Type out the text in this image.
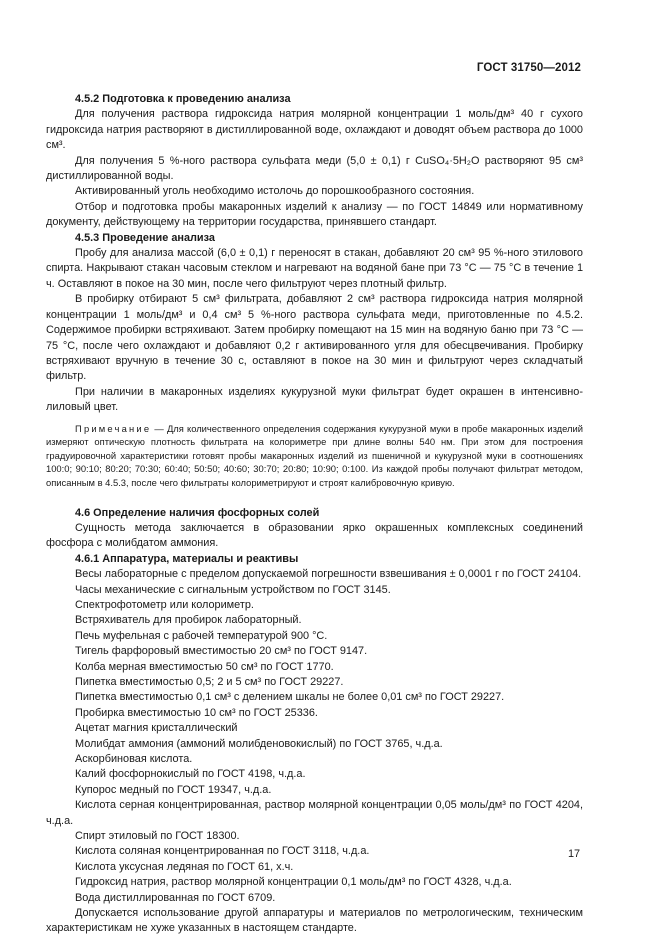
ГОСТ 31750—2012

4.5.2 Подготовка к проведению анализа

Для получения раствора гидроксида натрия молярной концентрации 1 моль/дм³ 40 г сухого гидроксида натрия растворяют в дистиллированной воде, охлаждают и доводят объем раствора до 1000 см³.

Для получения 5 %-ного раствора сульфата меди (5,0 ± 0,1) г CuSO₄·5H₂O растворяют 95 см³ дистиллированной воды.

Активированный уголь необходимо истолочь до порошкообразного состояния.

Отбор и подготовка пробы макаронных изделий к анализу — по ГОСТ 14849 или нормативному документу, действующему на территории государства, принявшего стандарт.

4.5.3 Проведение анализа

Пробу для анализа массой (6,0 ± 0,1) г переносят в стакан, добавляют 20 см³ 95 %-ного этилового спирта. Накрывают стакан часовым стеклом и нагревают на водяной бане при 73 °С — 75 °С в течение 1 ч. Оставляют в покое на 30 мин, после чего фильтруют через плотный фильтр.

В пробирку отбирают 5 см³ фильтрата, добавляют 2 см³ раствора гидроксида натрия молярной концентрации 1 моль/дм³ и 0,4 см³ 5 %-ного раствора сульфата меди, приготовленные по 4.5.2. Содержимое пробирки встряхивают. Затем пробирку помещают на 15 мин на водяную баню при 73 °С — 75 °С, после чего охлаждают и добавляют 0,2 г активированного угля для обесцвечивания. Пробирку встряхивают вручную в течение 30 с, оставляют в покое на 30 мин и фильтруют через складчатый фильтр.

При наличии в макаронных изделиях кукурузной муки фильтрат будет окрашен в интенсивно-лиловый цвет.

Примечание — Для количественного определения содержания кукурузной муки в пробе макаронных изделий измеряют оптическую плотность фильтрата на колориметре при длине волны 540 нм. При этом для построения градуировочной характеристики готовят пробы макаронных изделий из пшеничной и кукурузной муки в соотношениях 100:0; 90:10; 80:20; 70:30; 60:40; 50:50; 40:60; 30:70; 20:80; 10:90; 0:100. Из каждой пробы получают фильтрат методом, описанным в 4.5.3, после чего фильтраты колориметрируют и строят калибровочную кривую.

4.6 Определение наличия фосфорных солей

Сущность метода заключается в образовании ярко окрашенных комплексных соединений фосфора с молибдатом аммония.

4.6.1 Аппаратура, материалы и реактивы

Весы лабораторные с пределом допускаемой погрешности взвешивания ± 0,0001 г по ГОСТ 24104.

Часы механические с сигнальным устройством по ГОСТ 3145.

Спектрофотометр или колориметр.

Встряхиватель для пробирок лабораторный.

Печь муфельная с рабочей температурой 900 °С.

Тигель фарфоровый вместимостью 20 см³ по ГОСТ 9147.

Колба мерная вместимостью 50 см³ по ГОСТ 1770.

Пипетка вместимостью 0,5; 2 и 5 см³ по ГОСТ 29227.

Пипетка вместимостью 0,1 см³ с делением шкалы не более 0,01 см³ по ГОСТ 29227.

Пробирка вместимостью 10 см³ по ГОСТ 25336.

Ацетат магния кристаллический

Молибдат аммония (аммоний молибденовокислый) по ГОСТ 3765, ч.д.а.

Аскорбиновая кислота.

Калий фосфорнокислый по ГОСТ 4198, ч.д.а.

Купорос медный по ГОСТ 19347, ч.д.а.

Кислота серная концентрированная, раствор молярной концентрации 0,05 моль/дм³ по ГОСТ 4204, ч.д.а.

Спирт этиловый по ГОСТ 18300.

Кислота соляная концентрированная по ГОСТ 3118, ч.д.а.

Кислота уксусная ледяная по ГОСТ 61, х.ч.

Гидроксид натрия, раствор молярной концентрации 0,1 моль/дм³ по ГОСТ 4328, ч.д.а.

Вода дистиллированная по ГОСТ 6709.

Допускается использование другой аппаратуры и материалов по метрологическим, техническим характеристикам не хуже указанных в настоящем стандарте.

17
